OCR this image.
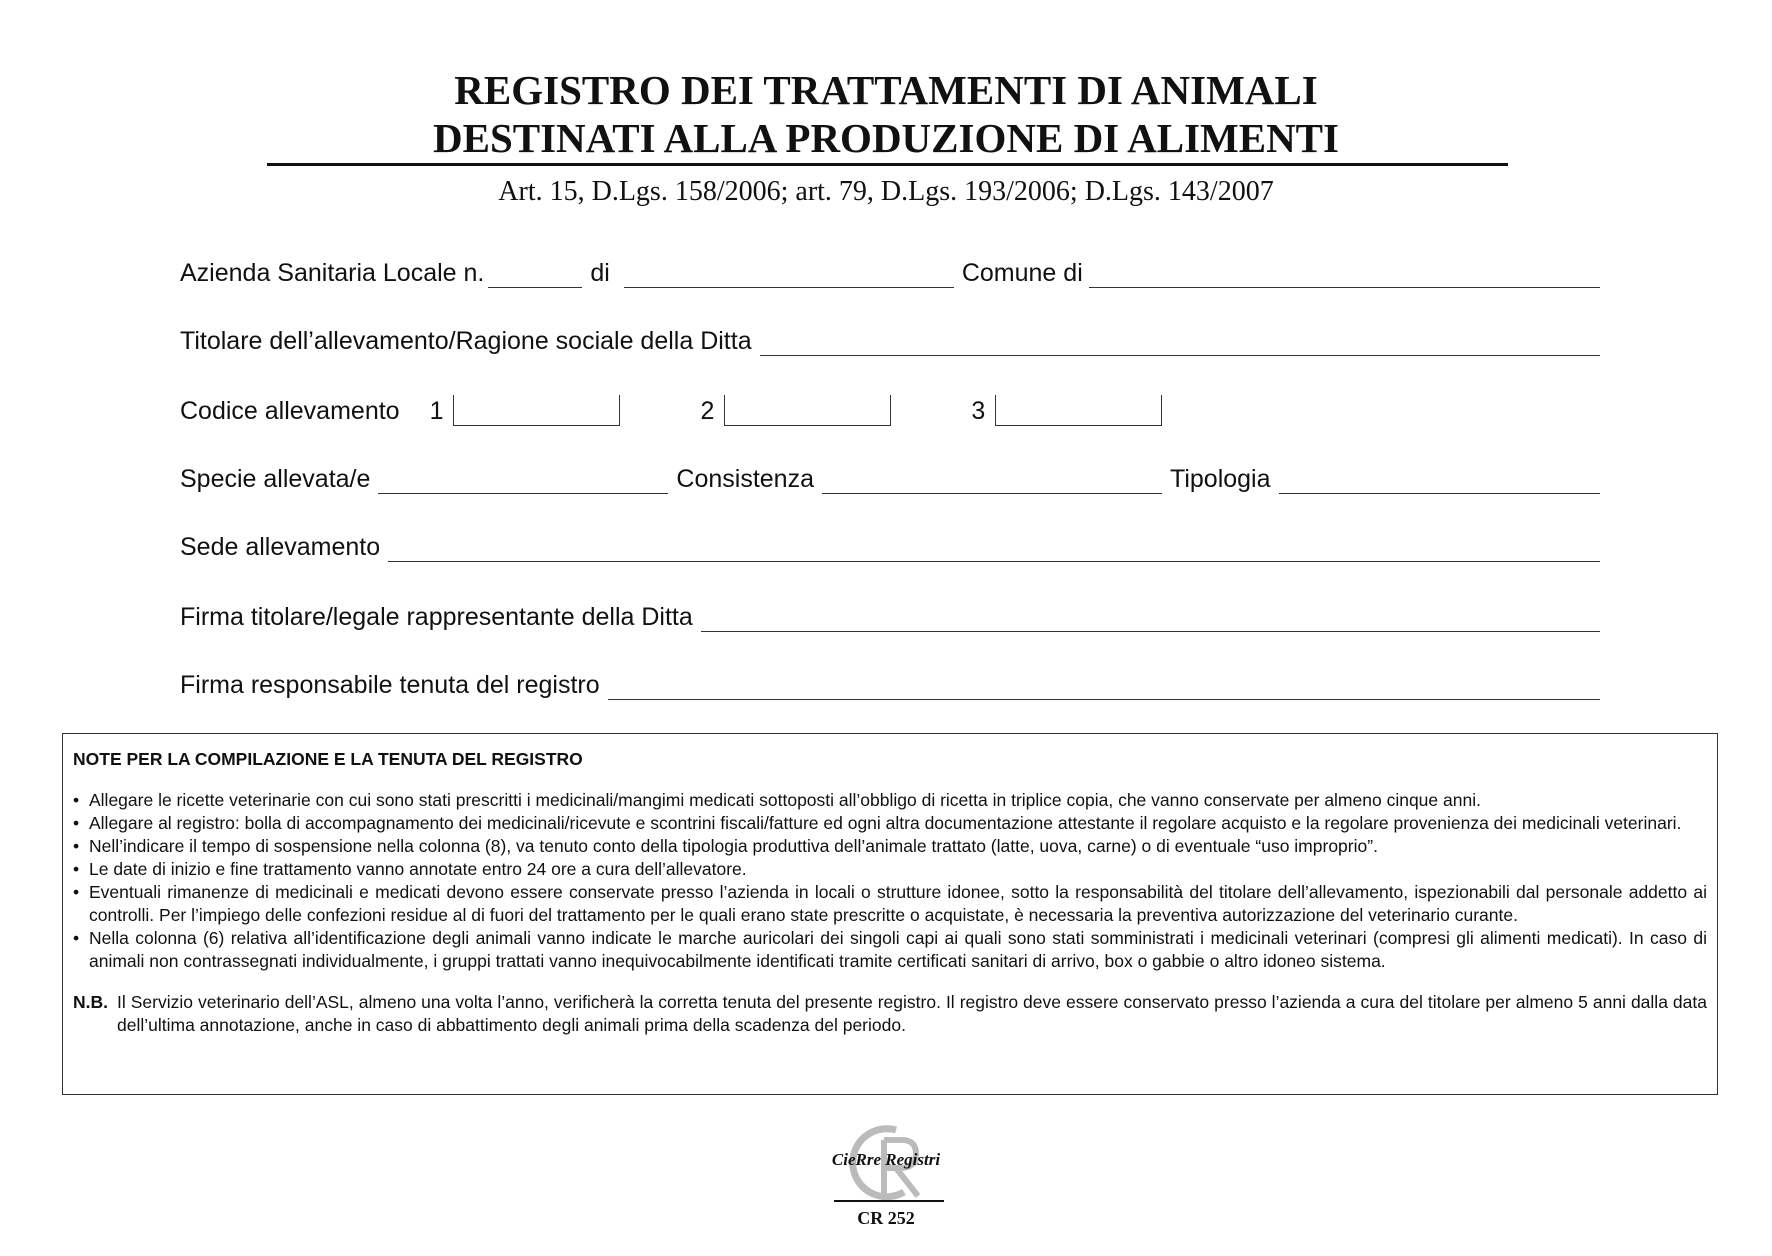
REGISTRO DEI TRATTAMENTI DI ANIMALI
DESTINATI ALLA PRODUZIONE DI ALIMENTI
Art. 15, D.Lgs. 158/2006; art. 79, D.Lgs. 193/2006; D.Lgs. 143/2007
Azienda Sanitaria Locale n.	di	Comune di
Titolare dell’allevamento/Ragione sociale della Ditta
Codice allevamento 1	2	3
Specie allevata/e	Consistenza	Tipologia
Sede allevamento
Firma titolare/legale rappresentante della Ditta
Firma responsabile tenuta del registro
NOTE PER LA COMPILAZIONE E LA TENUTA DEL REGISTRO
• Allegare le ricette veterinarie con cui sono stati prescritti i medicinali/mangimi medicati sottoposti all’obbligo di ricetta in triplice copia, che vanno conservate per almeno cinque anni.
• Allegare al registro: bolla di accompagnamento dei medicinali/ricevute e scontrini fiscali/fatture ed ogni altra documentazione attestante il regolare acquisto e la regolare provenienza dei medicinali veterinari.
• Nell’indicare il tempo di sospensione nella colonna (8), va tenuto conto della tipologia produttiva dell’animale trattato (latte, uova, carne) o di eventuale “uso improprio”.
• Le date di inizio e fine trattamento vanno annotate entro 24 ore a cura dell’allevatore.
• Eventuali rimanenze di medicinali e medicati devono essere conservate presso l’azienda in locali o strutture idonee, sotto la responsabilità del titolare dell’allevamento, ispezionabili dal personale addetto ai controlli. Per l’impiego delle confezioni residue al di fuori del trattamento per le quali erano state prescritte o acquistate, è necessaria la preventiva autorizzazione del veterinario curante.
• Nella colonna (6) relativa all’identificazione degli animali vanno indicate le marche auricolari dei singoli capi ai quali sono stati somministrati i medicinali veterinari (compresi gli alimenti medicati). In caso di animali non contrassegnati individualmente, i gruppi trattati vanno inequivocabilmente identificati tramite certificati sanitari di arrivo, box o gabbie o altro idoneo sistema.
N.B. Il Servizio veterinario dell’ASL, almeno una volta l’anno, verificherà la corretta tenuta del presente registro. Il registro deve essere conservato presso l’azienda a cura del titolare per almeno 5 anni dalla data dell’ultima annotazione, anche in caso di abbattimento degli animali prima della scadenza del periodo.
CieRre Registri
CR 252
